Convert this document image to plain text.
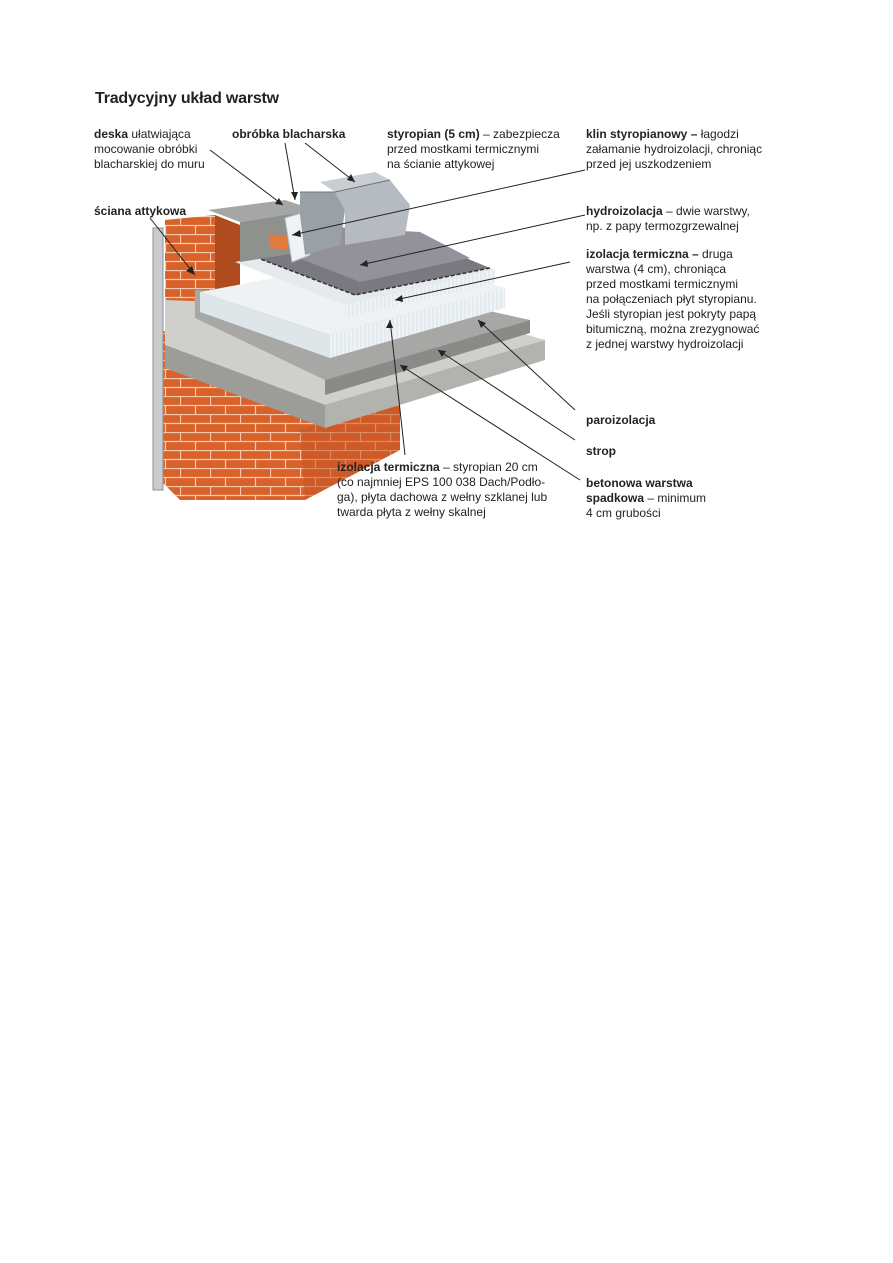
Tradycyjny układ warstw
deska ułatwiająca
mocowanie obróbki
blacharskiej do muru
obróbka blacharska	styropian (5 cm) – zabezpiecza
przed mostkami termicznymi
na ścianie attykowej
klin styropianowy – łagodzi
załamanie hydroizolacji, chroniąc
przed jej uszkodzeniem
ściana attykowa	hydroizolacja – dwie warstwy,
np. z papy termozgrzewalnej
izolacja termiczna – druga
warstwa (4 cm), chroniąca
przed mostkami termicznymi
na połączeniach płyt styropianu.
Jeśli styropian jest pokryty papą
bitumiczną, można zrezygnować
z jednej warstwy hydroizolacji
paroizolacja
strop
izolacja termiczna – styropian 20 cm
(co najmniej EPS 100 038 Dach/Podło-
ga), płyta dachowa z wełny szklanej lub
twarda płyta z wełny skalnej
betonowa warstwa
spadkowa – minimum
4 cm grubości
